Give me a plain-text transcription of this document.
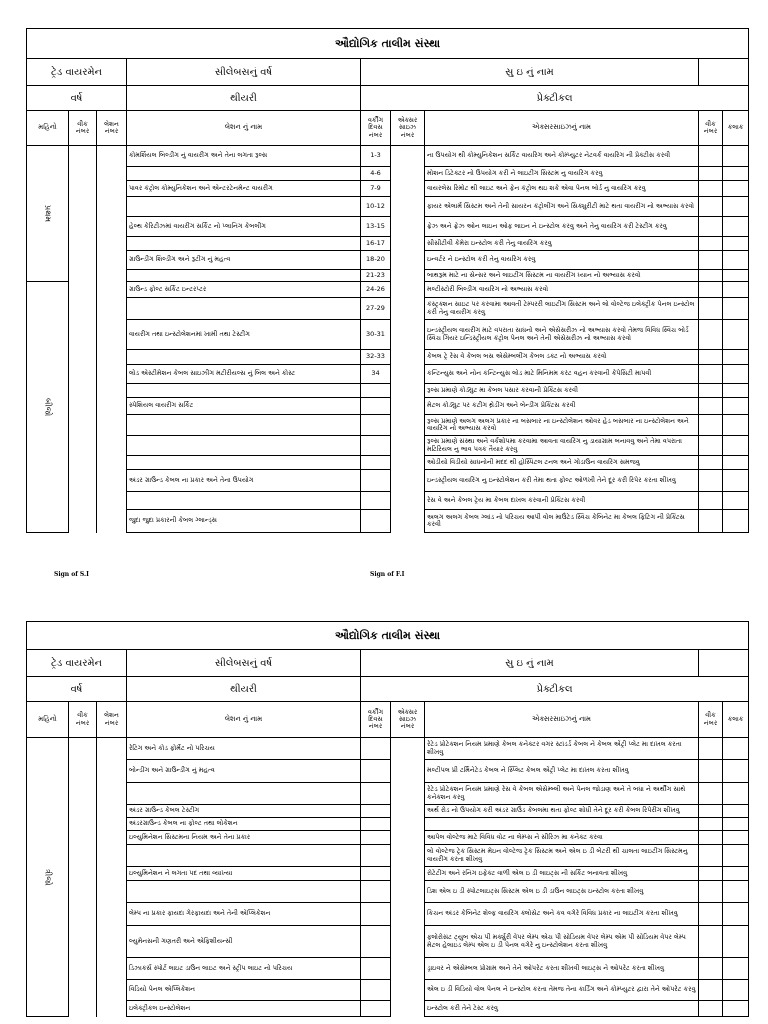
ઔદ્યોગિક તાલીમ સંસ્થા								
ટ્રેડ વાયરમેન			સીલેબસનું વર્ષ	સુ ઇ નું નામ				
વર્ષ			થીયરી	પ્રેક્ટીકલ				
મહિનો	વીક નંબર	લેશન નંબર	લેશન નું નામ	વર્કીંગ દિવસ નંબર	એક્સર સાઇઝ નંબર	એક્સરસાઇઝનું નામ	વીક નંબર	કલાક
પ્રથમ			કોમર્શિયલ બિલ્ડીંગ નું વાયરીંગ અને તેના લગતા રૂલ્સ	1-3		ના ઉપયોગ થી કોમ્યુનિકેશન સર્કિટ વાયરિંગ અને કોમ્પ્યુટર નેટવર્ક વાયરિંગ ની પ્રેક્ટીસ કરવી		
				4-6		મોશન ડિટેક્ટર નો ઉપયોગ કરી ને લાઇટીંગ સિસ્ટમ નુ વાયરિંગ કરવુ		
			પાવર કંટ્રોલ કોમ્યુનિકેશન અને એન્ટરટેનમેન્ટ વાયરીંગ	7-9		વાયરલેસ રિમોટ થી લાઇટ અને ફેન કંટ્રોલ થઇ શકે એવા પેનલ બોર્ડ નુ વાયરિંગ કરવુ		
				10-12		ફાયર એલાર્મ સિસ્ટમ અને તેની સાયરન કંટ્રોલીંગ અને સિક્યુરીટી માટે થતા વાયરીંગ નો અભ્યાસ કરવો		
			હેલ્થ કેરિટીઝમાં વાયરીંગ સર્કિટ નો પ્લાનિંગ કેબલીંગ	13-15		ફ્રેઝ અને ફ્રેઝ ઓન લાઇન ઓફ લાઇન ને ઇન્સ્ટોલ કરવુ અને તેનુ વાયરિંગ કરી ટેસ્ટીંગ કરવુ		
				16-17		સીસીટીવી કેમેરા ઇન્સ્ટોલ કરી તેનુ વાયરિંગ કરવુ		
			ગ્રાઉન્ડીંગ શિલ્ડીંગ અને રૂટીંગ નું મહત્વ	18-20		ઇન્વર્ટર ને ઇન્સ્ટોલ કરી તેનુ વાયરિંગ કરવુ		
				21-23		બાથરૂમ માટે ના સેન્સર અને લાઇટીંગ સિસ્ટમ ના વાયરીંગ ધ્યાન નો અભ્યાસ કરવો		
બીજો			ગ્રાઉન્ડ ફોલ્ટ સર્કિટ ઇન્ટરપ્ટર	24-26		મલ્ટીસ્ટોરી બિલ્ડીંગ વાયરિંગ નો અભ્યાસ કરવો		
				27-29		કંસ્ટ્રક્શન સાઇટ પર કરવામા આવતી ટેમ્પરરી લાઇટીંગ સિસ્ટમ અને લો વોલ્ટેજ ઇલેક્ટ્રીક પેનલ ઇન્સ્ટોલ કરી તેનુ વાયરીંગ કરવુ		
			વાયરીંગ તથા ઇન્સ્ટોલેશનમાં ખામી તથા ટેસ્ટીંગ	30-31		ઇન્ડસ્ટ્રીયલ વાયરીંગ માટે વપરાતા સાધનો અને એસેસરીઝ નો અભ્યાસ કરવો તેમજ વિવિધ સ્વિચ બોર્ડ સ્વિચ ગિયર ઇન્ડિસ્ટ્રીયલ કંટ્રોલ પેનલ અને તેની એસેસરીઝ નો અભ્યાસ કરવો		
				32-33		કેબલ ટ્રે રેસ વે કેબલ બસ એસેમ્બલીંગ કેબલ ડક્ટ નો અભ્યાસ કરવો		
			લોડ એસ્ટીમેશન કેબલ સાઇઝીંગ મટીરીયલ્સ નું બિલ અને કોસ્ટ	34		કન્ટિન્યુસ અને નોન કન્ટિન્યુસ લોડ માટે મિનિમમ કરંટ વહન કરવાની કેપેસિટી માપવી		
						રૂલ્સ પ્રમાણે કોડ્યુટ મા કેબલ પસાર કરવાની પ્રેક્ટિસ કરવી		
			સ્પેશિયલ વાયરીંગ સર્કિટ			મેટલ કોડ્યુટ પર કટીંગ થ્રેડીંગ અને બેન્ડીંગ પ્રેક્ટિસ કરવી		
						રૂલ્સ પ્રમાણે અલગ અલગ પ્રકાર ના બસબાર ના ઇન્સ્ટોલેશન ઓવર હેડ બસબાર ના ઇન્સ્ટોલેશન અને વાયરિંગ નો અભ્યાસ કરવો		
						રૂલ્સ પ્રમાણે સંસ્થા અને વર્કશોપમા કરવામા આવતા વાયરિંગ નુ ડાયાગ્રામ બનાવવુ અને તેમા વપરાતા મટિરિયલ નુ ભાવ પત્રક તૈયાર કરવુ		
						ઓડીયો વિડીયો સાધનોની મદદ થી હોસ્પિટલ ટનલ અને ગોડાઉન વાયરિંગ સમજવુ		
			અંડર ગ્રાઉન્ડ કેબલ ના પ્રકાર અને તેના ઉપયોગ			ઇન્ડસ્ટ્રીયલ વાયરિંગ નુ ઇન્સ્ટોલેશન કરી તેમા થતા ફોલ્ટ ઓળખી તેને દૂર કરી રિપેર કરતા શીખવુ		
						રેસ વે અને કેબલ ટ્રેય મા કેબલ દાખલ કરવાની પ્રેક્ટિસ કરવી		
			જુદા જુદા પ્રકારની કેબલ ગ્લાન્ડ્સ			અલગ અલગ કેબલ ગ્લાંડ નો પરિચય આપી વોલ માઉંટેડ સ્વિચ કેબિનેટ મા કેબલ ફિટિંગ ની પ્રેક્ટિસ કરવી		
Sign of S.I	Sign of F.I
ઔદ્યોગિક તાલીમ સંસ્થા								
ટ્રેડ વાયરમેન			સીલેબસનું વર્ષ	સુ ઇ નું નામ				
વર્ષ			થીયરી	પ્રેક્ટીકલ				
મહિનો	વીક નંબર	લેશન નંબર	લેશન નું નામ	વર્કીંગ દિવસ નંબર	એક્સર સાઇઝ નંબર	એક્સરસાઇઝનું નામ	વીક નંબર	કલાક
ત્રીજો			રેટિંગ અને કોડ ફોર્મેટ નો પરિચય			રેટેડ પ્રોટેક્શન નિયમ પ્રમાણે કેબલ કનેક્ટર વગર સ્ટાંડર્ડ કેબલ ને કેબલ એંટ્રી પ્લેટ મા દાખલ કરતા શીખવુ		
			બોન્ડીંગ અને ગ્રાઉન્ડીંગ નું મહત્વ			મલ્ટીપલ પ્રી ટર્મિનેટેડ કેબલ ને સ્પ્લિટ કેબલ એંટ્રી પ્લેટ મા દાખલ કરતા શીખવુ		
						રેટેડ પ્રોટેક્શન નિયમ પ્રમાણે રેસ વે કેબલ એસેમ્બ્લી અને પેનલ જોડાણ અને તે બધા ને અર્થીંગ સાથે કનેક્શન કરવુ		
			અંડર ગ્રાઉન્ડ કેબલ ટેસ્ટીંગ			અર્થ રોડ નો ઉપયોગ કરી અંડર ગ્રાઉંડ કેબલમા થતા ફોલ્ટ શોધી તેને દૂર કરી કેબલ રિપેરીંગ શીખવુ		
			અંડરગ્રાઉન્ડ કેબલ ના ફોલ્ટ તથા લોકેશન					
			ઇલ્યુમિનેશન સિસ્ટમના નિયમ અને તેના પ્રકાર			આપેલ વોલ્ટેજ માટે વિવિધ વોટ ના લેમ્પ્સ ને સીરિઝ મા કનેક્ટ કરવા		
						લો વોલ્ટેજ ટ્રેક સિસ્ટમ મેઇન વોલ્ટેજ ટ્રેક સિસ્ટમ અને એલ ઇ ડી બેટરી થી ચાલતા લાઇટીંગ સિસ્ટમનુ વાયરીંગ કરતા શીખવુ		
			ઇલ્યુમિનેશન ને લગતા પદ તથા વ્યાખ્યા			રોટેટીંગ અને રનિંગ ઇફેક્ટ વાળી એલ ઇ ડી લાઇટ્સ ની સર્કિટ બનાવતા શીખવુ		
						ડિશ એલ ઇ ડી સ્પોટલાઇટ્સ સિસ્ટમ એલ ઇ ડી ડાઉન લાઇટ્સ ઇન્સ્ટોલ કરતા શીખવુ		
			લેમ્પ ના પ્રકાર ફાયદા ગેરફાયદા અને તેની એપ્લિકેશન			કિચન અંડર કેબિનેટ શેલ્ફ વાયરિંગ ક્લોસેટ અને કવ વગેરે વિવિધ પ્રકાર ના લાઇટીંગ કરતા શીખવુ		
			લ્યુમેનસની ગણતરી અને એફિશીયન્સી			ફ્લોરોસંટ ટ્યુબ એચ પી મર્ક્યુરી વેપર લેમ્પ એચ પી સોડિયમ વેપર લેમ્પ એમ પી સોડિયમ વેપર લેમ્પ મેટલ હેલાઇડ લેમ્પ એલ ઇ ડી પેનલ વગેરે નુ ઇન્સ્ટોલેશન કરતા શીખવુ		
			ડિઝાકર્સ સ્પોર્ટ લાઇટ ડાઉન લાઇટ અને સ્ટ્રીપ લાઇટ નો પરિચય			ડ્રાઇવર ને એસેમ્બલ પ્રોગ્રામ અને તેને ઓપરેટ કરતા શીખવી લાઇટ્સ ને ઓપરેટ કરતા શીખવુ		
			વિડિયો પેનલ એપ્લિકેશન			એલ ઇ ડી વિડિયો વોલ પેનલ ને ઇન્સ્ટોલ કરતા તેમજ તેના કાર્ડિંગ અને કોમ્પ્યુટર દ્વારા તેને ઓપરેટ કરવુ		
			ઇલેક્ટ્રીકલ ઇન્સ્ટોલેશન			ઇન્સ્ટોલ કરી તેને ટેસ્ટ કરવુ		
